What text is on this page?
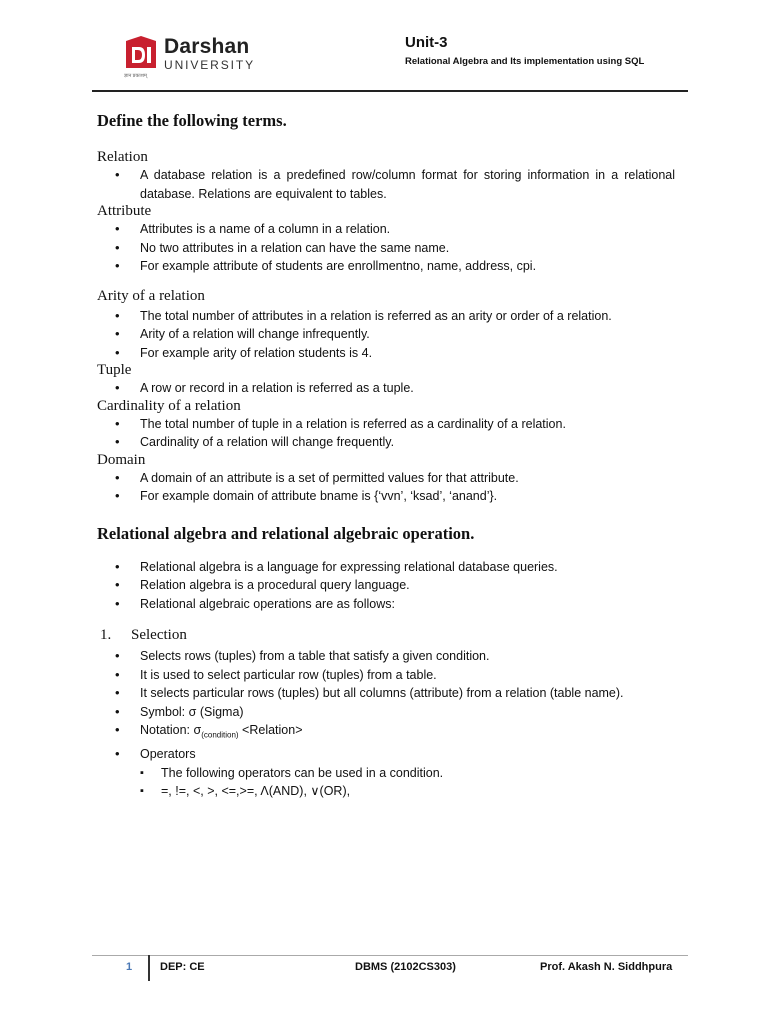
Darshan
UNIVERSITY
ज्ञान प्रकाशम्
Unit-3
Relational Algebra and Its implementation using SQL
Define the following terms.
Relation
• A database relation is a predefined row/column format for storing information in a relational database. Relations are equivalent to tables.
Attribute
• Attributes is a name of a column in a relation.
• No two attributes in a relation can have the same name.
• For example attribute of students are enrollmentno, name, address, cpi.
Arity of a relation
• The total number of attributes in a relation is referred as an arity or order of a relation.
• Arity of a relation will change infrequently.
• For example arity of relation students is 4.
Tuple
• A row or record in a relation is referred as a tuple.
Cardinality of a relation
• The total number of tuple in a relation is referred as a cardinality of a relation.
• Cardinality of a relation will change frequently.
Domain
• A domain of an attribute is a set of permitted values for that attribute.
• For example domain of attribute bname is {‘vvn’, ‘ksad’, ‘anand’}.
Relational algebra and relational algebraic operation.
• Relational algebra is a language for expressing relational database queries.
• Relation algebra is a procedural query language.
• Relational algebraic operations are as follows:
1.	Selection
• Selects rows (tuples) from a table that satisfy a given condition.
• It is used to select particular row (tuples) from a table.
• It selects particular rows (tuples) but all columns (attribute) from a relation (table name).
• Symbol: σ (Sigma)
• Notation: $\sigma_{(condition)}$ <Relation>
• Operators
▪ The following operators can be used in a condition.
▪ =, !=, <, >, <=,>=, Λ(AND), ∨(OR),
1	DEP: CE	DBMS (2102CS303)	Prof. Akash N. Siddhpura
